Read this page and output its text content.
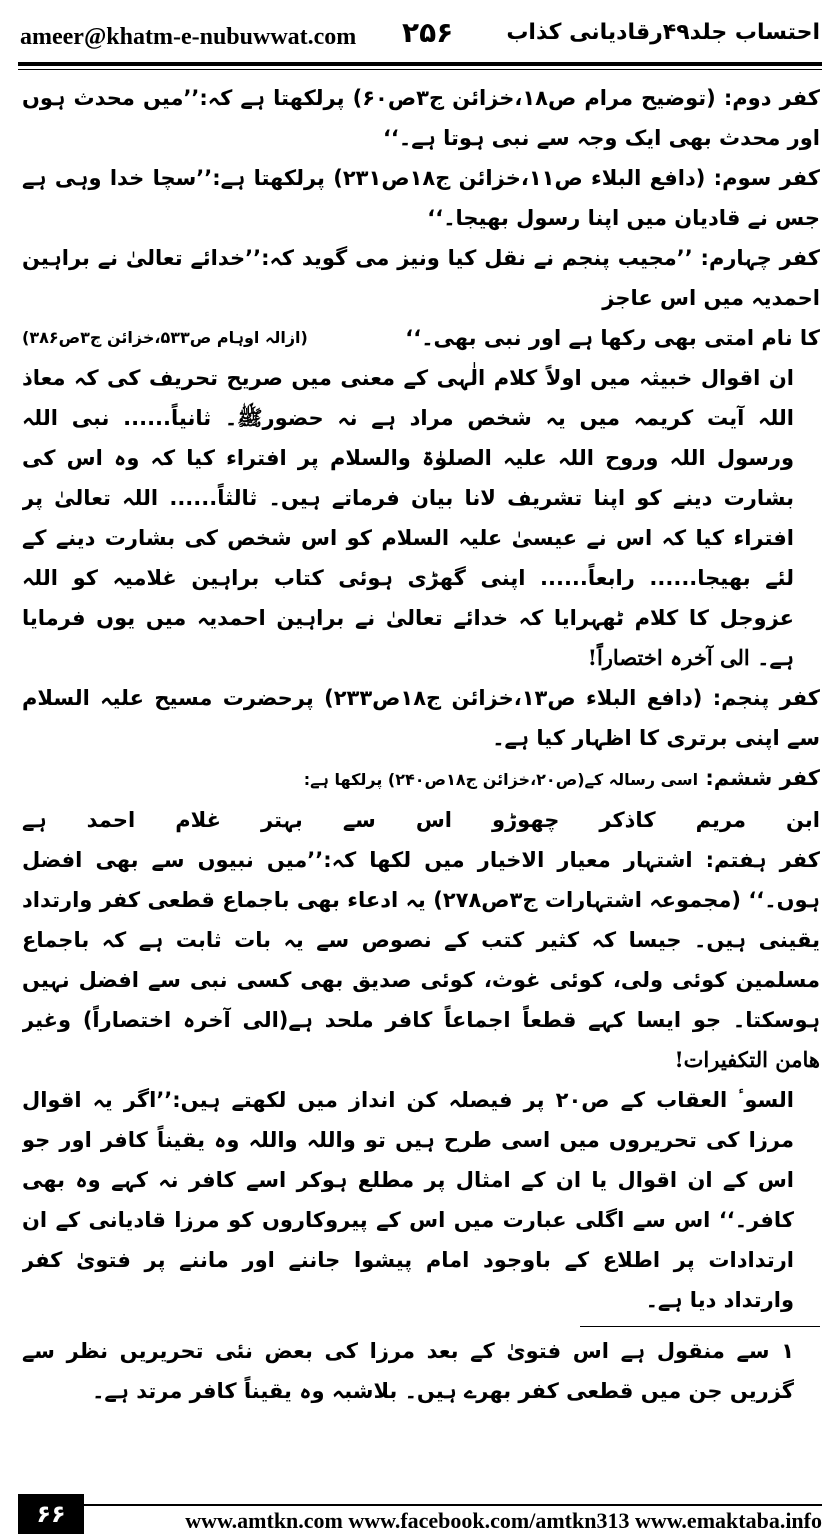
ameer@khatm-e-nubuwwat.com ۲۵۶ احتساب جلد۴۹رقادیانی کذاب

کفر دوم: (توضیح مرام ص۱۸،خزائن ج۳ص۶۰) پرلکھتا ہے کہ:’’میں محدث ہوں اور محدث بھی ایک وجہ سے نبی ہوتا ہے۔‘‘

کفر سوم: (دافع البلاء ص۱۱،خزائن ج۱۸ص۲۳۱) پرلکھتا ہے:’’سچا خدا وہی ہے جس نے قادیان میں اپنا رسول بھیجا۔‘‘

کفر چہارم: ’’مجیب پنجم نے نقل کیا ونیز می گوید کہ:’’خدائے تعالیٰ نے براہین احمدیہ میں اس عاجز

کا نام امتی بھی رکھا ہے اور نبی بھی۔‘‘
(ازالہ اوہام ص۵۳۳،خزائن ج۳ص۳۸۶)

ان اقوال خبیثہ میں اولاً کلام الٰہی کے معنی میں صریح تحریف کی کہ معاذ اللہ آیت کریمہ میں یہ شخص مراد ہے نہ حضورﷺ۔ ثانیاً...... نبی اللہ ورسول اللہ وروح اللہ علیہ الصلوٰۃ والسلام پر افتراء کیا کہ وہ اس کی بشارت دینے کو اپنا تشریف لانا بیان فرماتے ہیں۔ ثالثاً...... اللہ تعالیٰ پر افتراء کیا کہ اس نے عیسیٰ علیہ السلام کو اس شخص کی بشارت دینے کے لئے بھیجا...... رابعاً...... اپنی گھڑی ہوئی کتاب براہین غلامیہ کو اللہ عزوجل کا کلام ٹھہرایا کہ خدائے تعالیٰ نے براہین احمدیہ میں یوں فرمایا ہے۔ الی آخرہ اختصاراً!

کفر پنجم: (دافع البلاء ص۱۳،خزائن ج۱۸ص۲۳۳) پرحضرت مسیح علیہ السلام سے اپنی برتری کا اظہار کیا ہے۔

کفر ششم: اسی رسالہ کے(ص۲۰،خزائن ج۱۸ص۲۴۰) پرلکھا ہے:

ابن
مریم
کاذکر
چھوڑو
اس
سے
بہتر
غلام
احمد
ہے

کفر ہفتم: اشتہار معیار الاخیار میں لکھا کہ:’’میں نبیوں سے بھی افضل ہوں۔‘‘ (مجموعہ اشتہارات ج۳ص۲۷۸) یہ ادعاء بھی باجماع قطعی کفر وارتداد یقینی ہیں۔ جیسا کہ کثیر کتب کے نصوص سے یہ بات ثابت ہے کہ باجماع مسلمین کوئی ولی، کوئی غوث، کوئی صدیق بھی کسی نبی سے افضل نہیں ہوسکتا۔ جو ایسا کہے قطعاً اجماعاً کافر ملحد ہے(الی آخرہ اختصاراً) وغیر ھامن التکفیرات!

السوٴ العقاب کے ص۲۰ پر فیصلہ کن انداز میں لکھتے ہیں:’’اگر یہ اقوال مرزا کی تحریروں میں اسی طرح ہیں تو واللہ واللہ وہ یقیناً کافر اور جو اس کے ان اقوال یا ان کے امثال پر مطلع ہوکر اسے کافر نہ کہے وہ بھی کافر۔‘‘ اس سے اگلی عبارت میں اس کے پیروکاروں کو مرزا قادیانی کے ان ارتدادات پر اطلاع کے باوجود امام پیشوا جاننے اور ماننے پر فتویٰ کفر وارتداد دیا ہے۔

۱ سے منقول ہے اس فتویٰ کے بعد مرزا کی بعض نئی تحریریں نظر سے گزریں جن میں قطعی کفر بھرے ہیں۔ بلاشبہ وہ یقیناً کافر مرتد ہے۔

۶۶	www.amtkn.com www.facebook.com/amtkn313 www.emaktaba.info
